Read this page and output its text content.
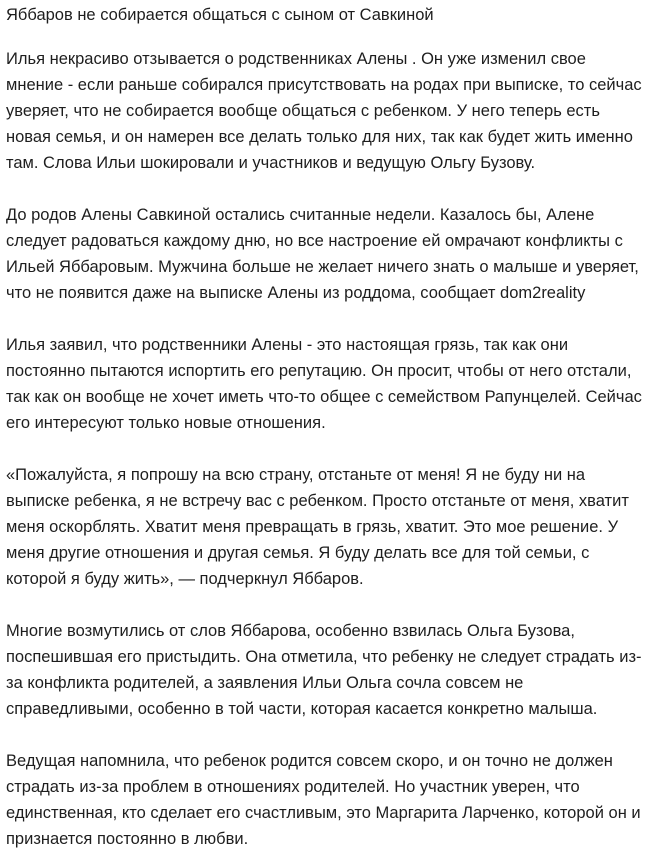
Яббаров не собирается общаться с сыном от Савкиной

Илья некрасиво отзывается о родственниках Алены . Он уже изменил свое
мнение - если раньше собирался присутствовать на родах при выписке, то сейчас
уверяет, что не собирается вообще общаться с ребенком. У него теперь есть
новая семья, и он намерен все делать только для них, так как будет жить именно
там. Слова Ильи шокировали и участников и ведущую Ольгу Бузову.

До родов Алены Савкиной остались считанные недели. Казалось бы, Алене
следует радоваться каждому дню, но все настроение ей омрачают конфликты с
Ильей Яббаровым. Мужчина больше не желает ничего знать о малыше и уверяет,
что не появится даже на выписке Алены из роддома, сообщает dom2reality

Илья заявил, что родственники Алены - это настоящая грязь, так как они
постоянно пытаются испортить его репутацию. Он просит, чтобы от него отстали,
так как он вообще не хочет иметь что-то общее с семейством Рапунцелей. Сейчас
его интересуют только новые отношения.

«Пожалуйста, я попрошу на всю страну, отстаньте от меня! Я не буду ни на
выписке ребенка, я не встречу вас с ребенком. Просто отстаньте от меня, хватит
меня оскорблять. Хватит меня превращать в грязь, хватит. Это мое решение. У
меня другие отношения и другая семья. Я буду делать все для той семьи, с
которой я буду жить», — подчеркнул Яббаров.

Многие возмутились от слов Яббарова, особенно взвилась Ольга Бузова,
поспешившая его пристыдить. Она отметила, что ребенку не следует страдать из-
за конфликта родителей, а заявления Ильи Ольга сочла совсем не
справедливыми, особенно в той части, которая касается конкретно малыша.

Ведущая напомнила, что ребенок родится совсем скоро, и он точно не должен
страдать из-за проблем в отношениях родителей. Но участник уверен, что
единственная, кто сделает его счастливым, это Маргарита Ларченко, которой он и
признается постоянно в любви.
